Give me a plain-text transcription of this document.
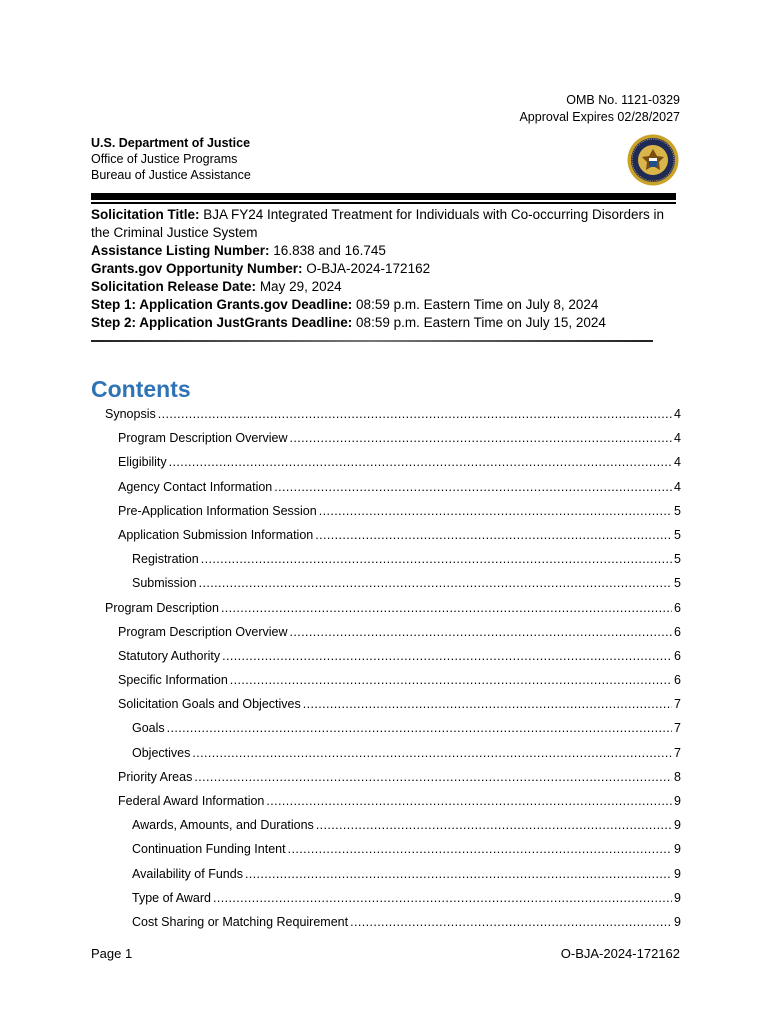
OMB No. 1121-0329
Approval Expires 02/28/2027
U.S. Department of Justice
Office of Justice Programs
Bureau of Justice Assistance
Solicitation Title: BJA FY24 Integrated Treatment for Individuals with Co-occurring Disorders in the Criminal Justice System
Assistance Listing Number: 16.838 and 16.745
Grants.gov Opportunity Number: O-BJA-2024-172162
Solicitation Release Date: May 29, 2024
Step 1: Application Grants.gov Deadline: 08:59 p.m. Eastern Time on July 8, 2024
Step 2: Application JustGrants Deadline: 08:59 p.m. Eastern Time on July 15, 2024
Contents
Synopsis .....	4
Program Description Overview .....	4
Eligibility .....	4
Agency Contact Information .....	4
Pre-Application Information Session .....	5
Application Submission Information .....	5
Registration .....	5
Submission .....	5
Program Description .....	6
Program Description Overview .....	6
Statutory Authority .....	6
Specific Information .....	6
Solicitation Goals and Objectives .....	7
Goals .....	7
Objectives .....	7
Priority Areas .....	8
Federal Award Information .....	9
Awards, Amounts, and Durations .....	9
Continuation Funding Intent .....	9
Availability of Funds .....	9
Type of Award .....	9
Cost Sharing or Matching Requirement .....	9
Page 1	O-BJA-2024-172162
